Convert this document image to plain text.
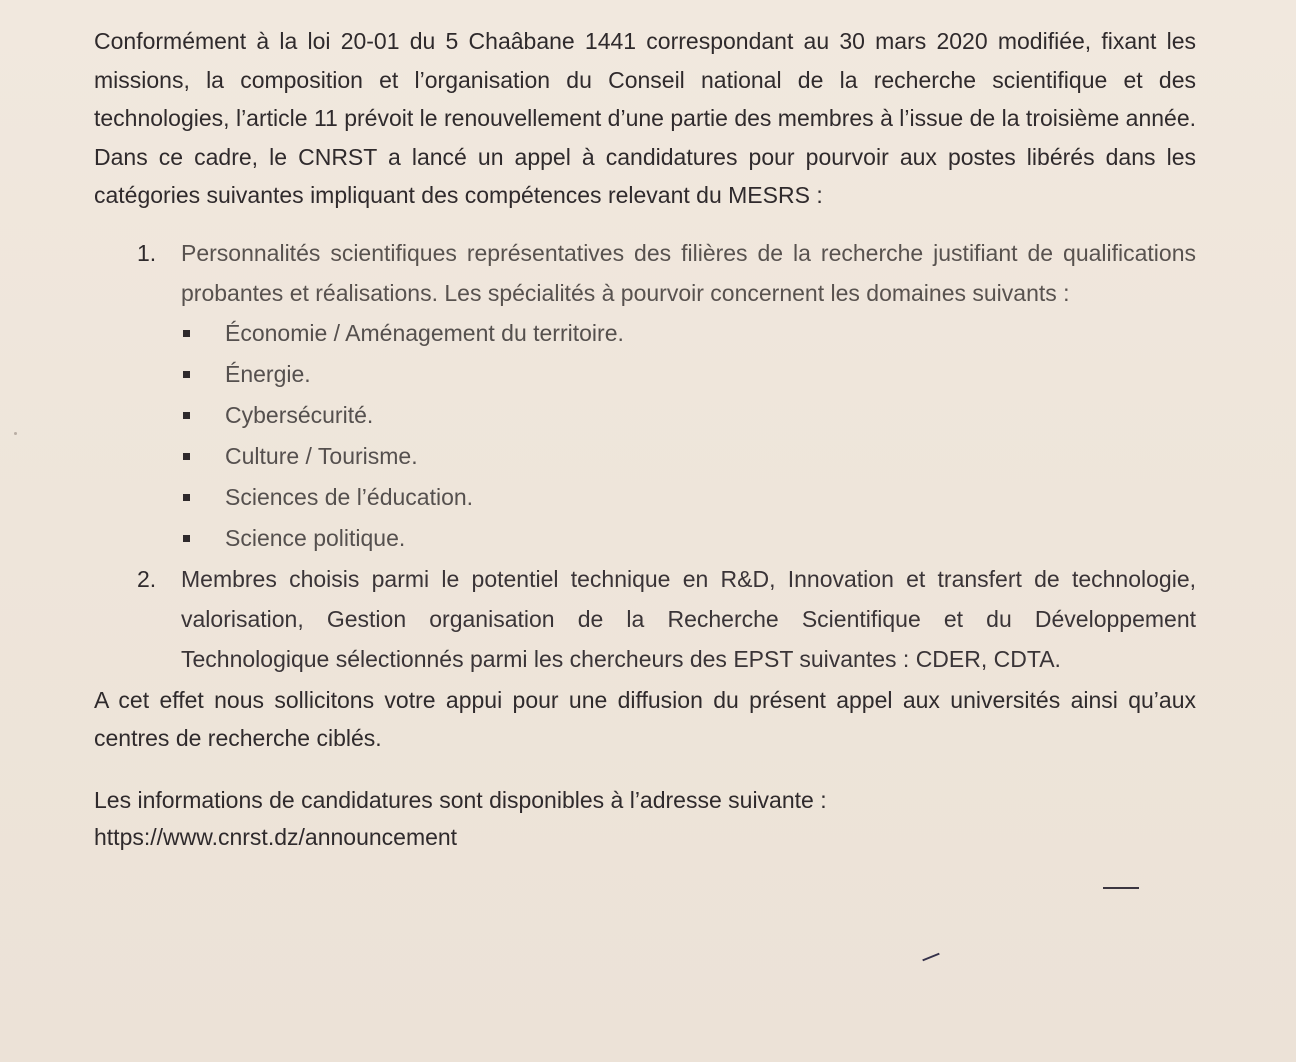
Conformément à la loi 20-01 du 5 Chaâbane 1441 correspondant au 30 mars 2020 modifiée, fixant les missions, la composition et l’organisation du Conseil national de la recherche scientifique et des technologies, l’article 11 prévoit le renouvellement d’une partie des membres à l’issue de la troisième année. Dans ce cadre, le CNRST a lancé un appel à candidatures pour pourvoir aux postes libérés dans les catégories suivantes impliquant des compétences relevant du MESRS :

1. Personnalités scientifiques représentatives des filières de la recherche justifiant de qualifications probantes et réalisations. Les spécialités à pourvoir concernent les domaines suivants :
Économie / Aménagement du territoire.
Énergie.
Cybersécurité.
Culture / Tourisme.
Sciences de l’éducation.
Science politique.
2. Membres choisis parmi le potentiel technique en R&D, Innovation et transfert de technologie, valorisation, Gestion organisation de la Recherche Scientifique et du Développement Technologique sélectionnés parmi les chercheurs des EPST suivantes : CDER, CDTA.

A cet effet nous sollicitons votre appui pour une diffusion du présent appel aux universités ainsi qu’aux centres de recherche ciblés.

Les informations de candidatures sont disponibles à l’adresse suivante :

https://www.cnrst.dz/announcement
